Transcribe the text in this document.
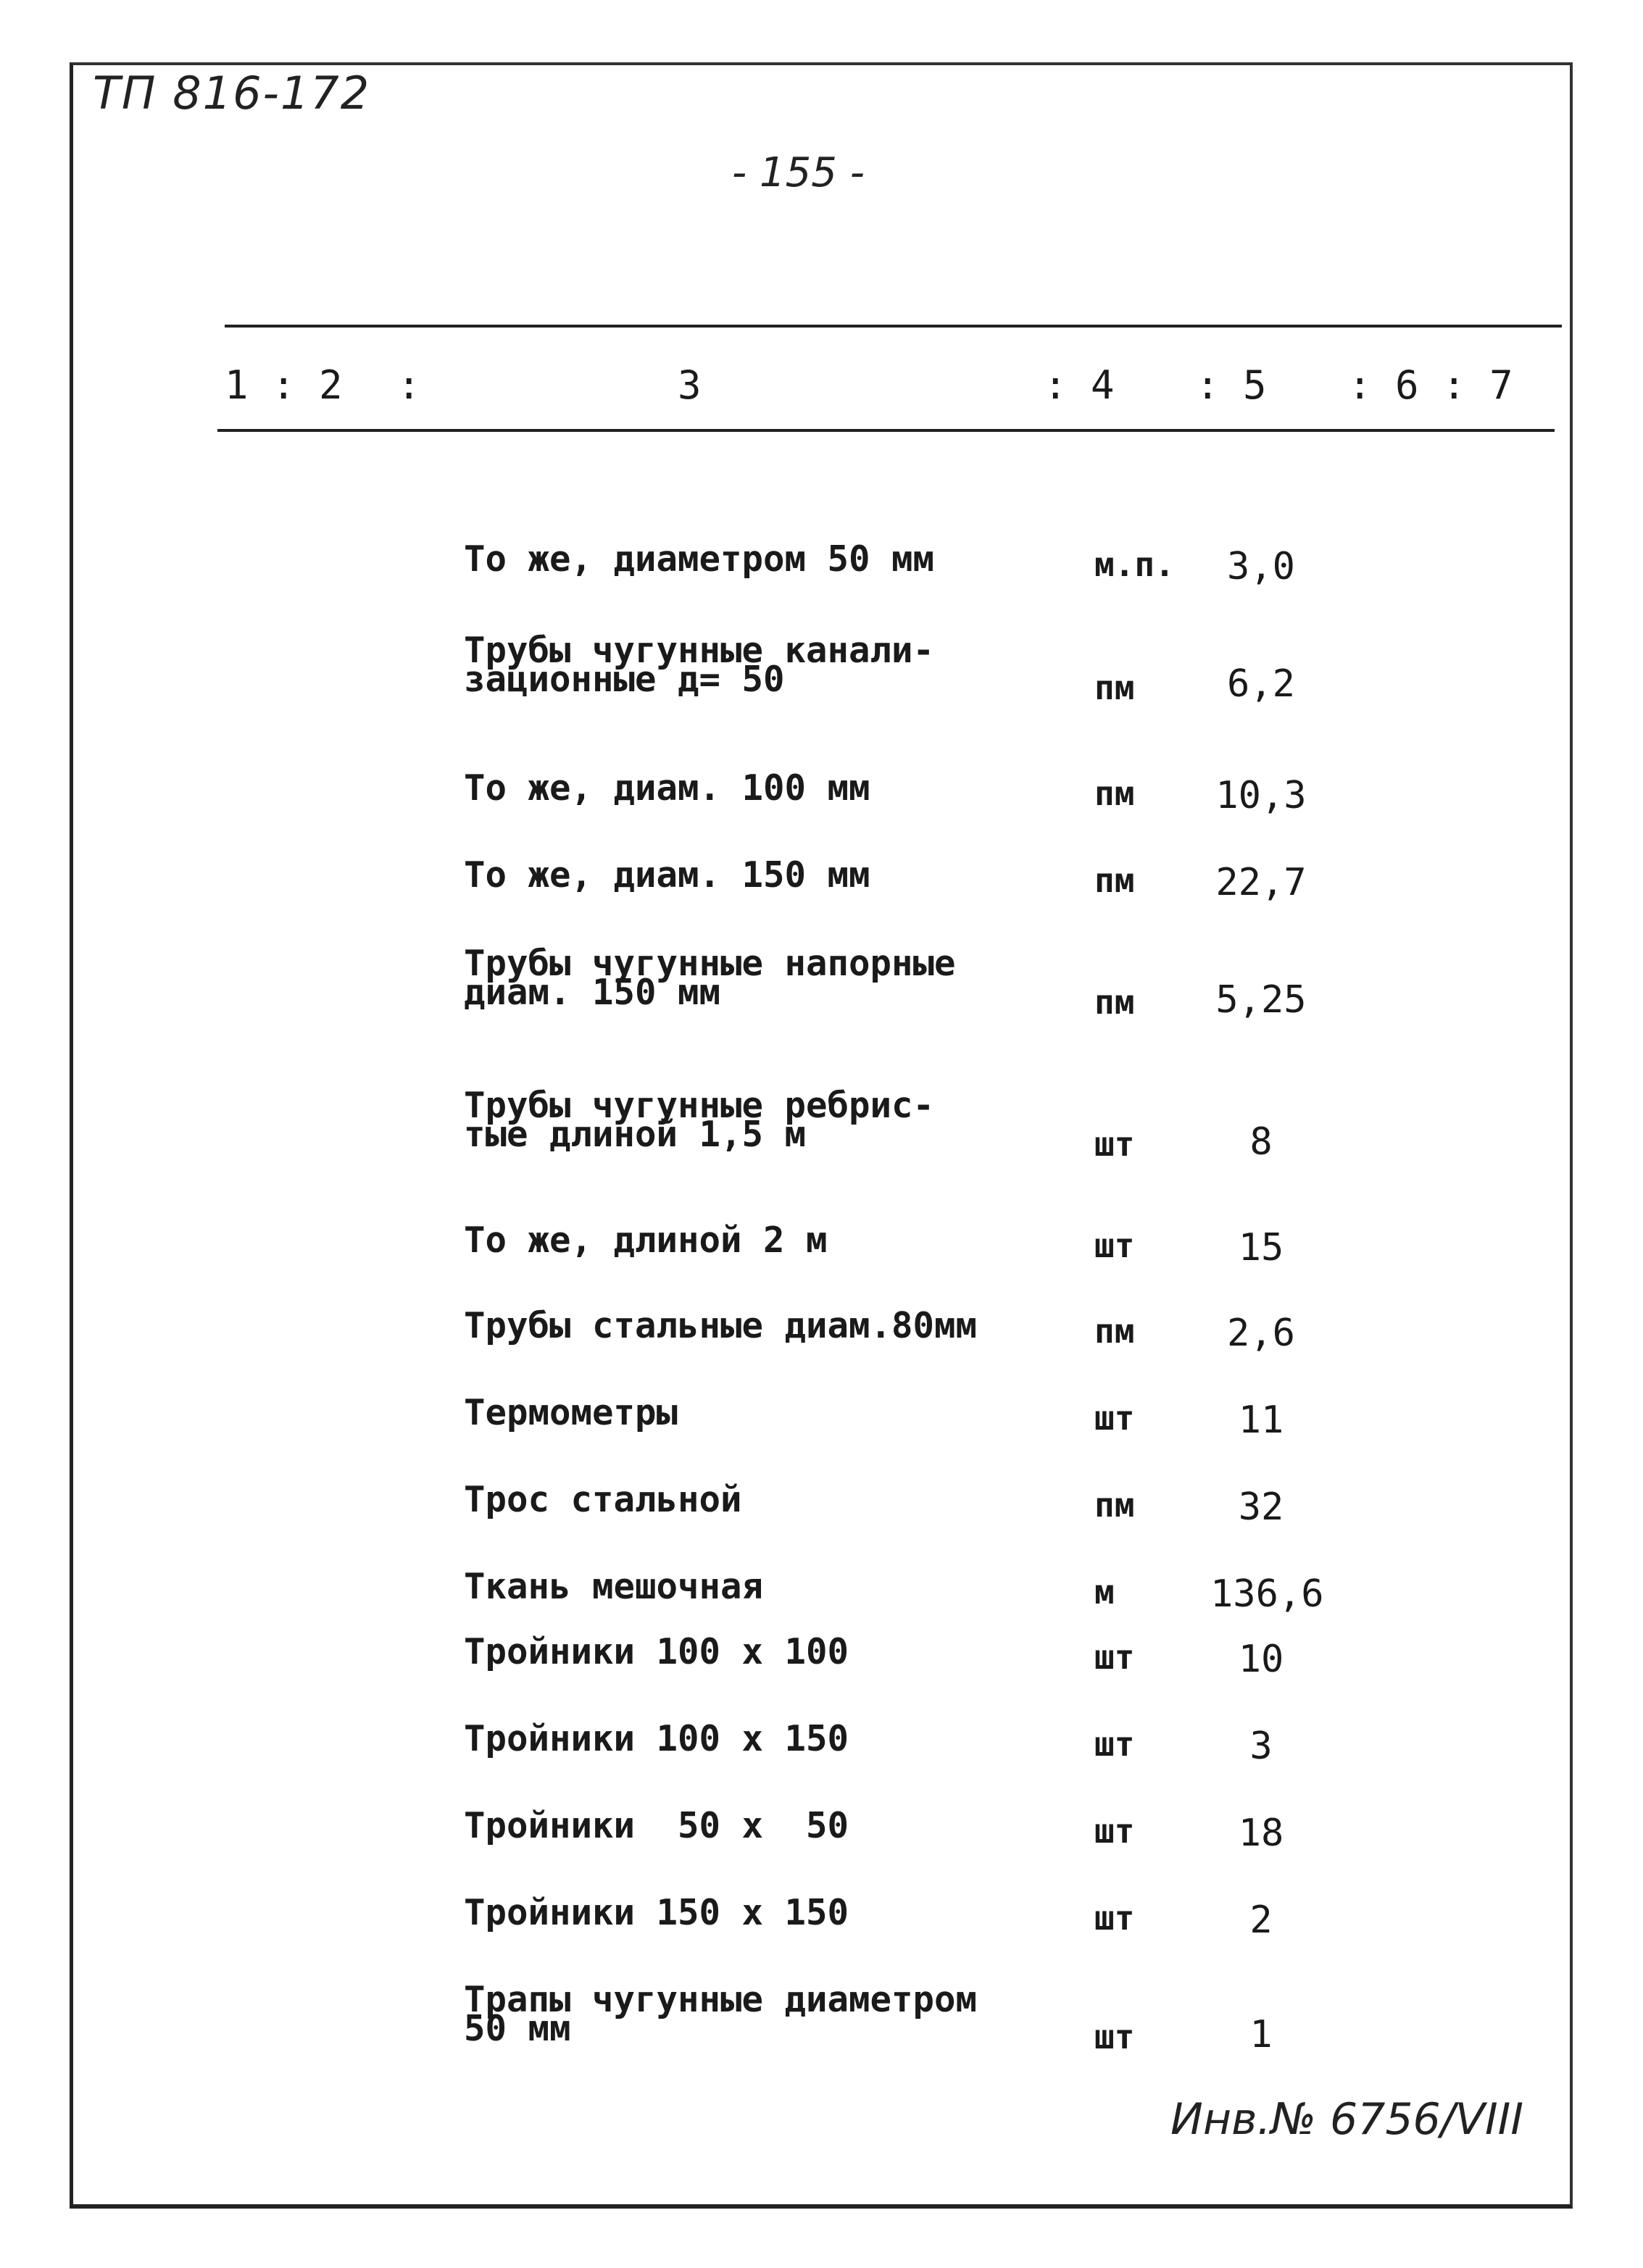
ТП 816-172
- 155 -
1 : 2 :	3	: 4 : 5 : 6 : 7
То же, диаметром 50 мм	м.п.	3,0
Трубы чугунные канали-
зационные д= 50	пм	6,2
То же, диам. 100 мм	пм 10,3
То же, диам. 150 мм	пм 22,7
Трубы чугунные напорные
диам. 150 мм	пм 5,25
Трубы чугунные ребрис-
тые длиной 1,5 м	шт	8
То же, длиной 2 м	шт	15
Трубы стальные диам.80мм	пм	2,6
Термометры	шт	11
Трос стальной	пм	32
Ткань мешочная	м	136,6
Тройники 100 х 100	шт	10
Тройники 100 х 150	шт	3
Тройники  50 х  50	шт	18
Тройники 150 х 150	шт	2
Трапы чугунные диаметром
50 мм	шт	1
Инв.№ 6756/VIII
